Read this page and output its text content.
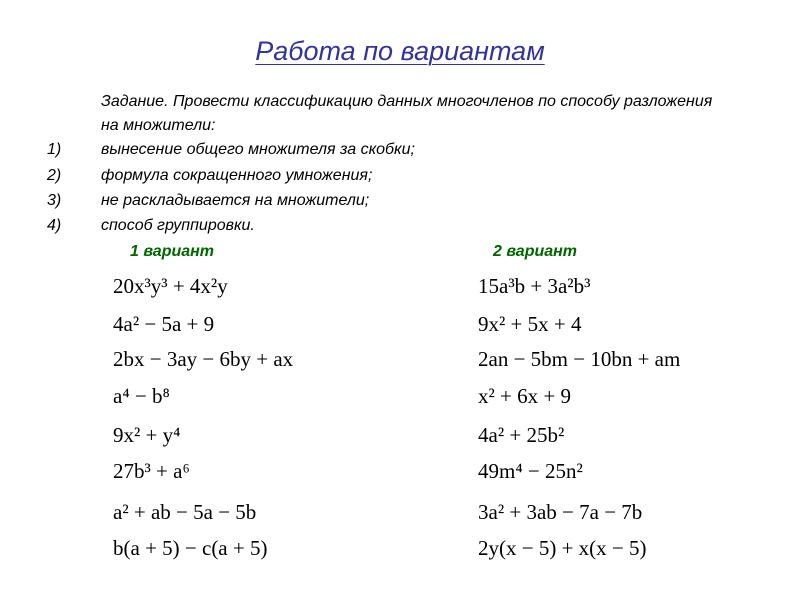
Работа по вариантам
Задание. Провести классификацию данных многочленов по способу разложения на множители:
1) вынесение общего множителя за скобки;
2) формула сокращенного умножения;
3) не раскладывается на множители;
4) способ группировки.
1 вариант	2 вариант
20x³y³ + 4x²y
4a² − 5a + 9
2bx − 3ay − 6by + ax
a⁴ − b⁸
9x² + y⁴
27b³ + a⁶
a² + ab − 5a − 5b
b(a + 5) − c(a + 5)
15a³b + 3a²b³
9x² + 5x + 4
2an − 5bm − 10bn + am
x² + 6x + 9
4a² + 25b²
49m⁴ − 25n²
3a² + 3ab − 7a − 7b
2y(x − 5) + x(x − 5)
